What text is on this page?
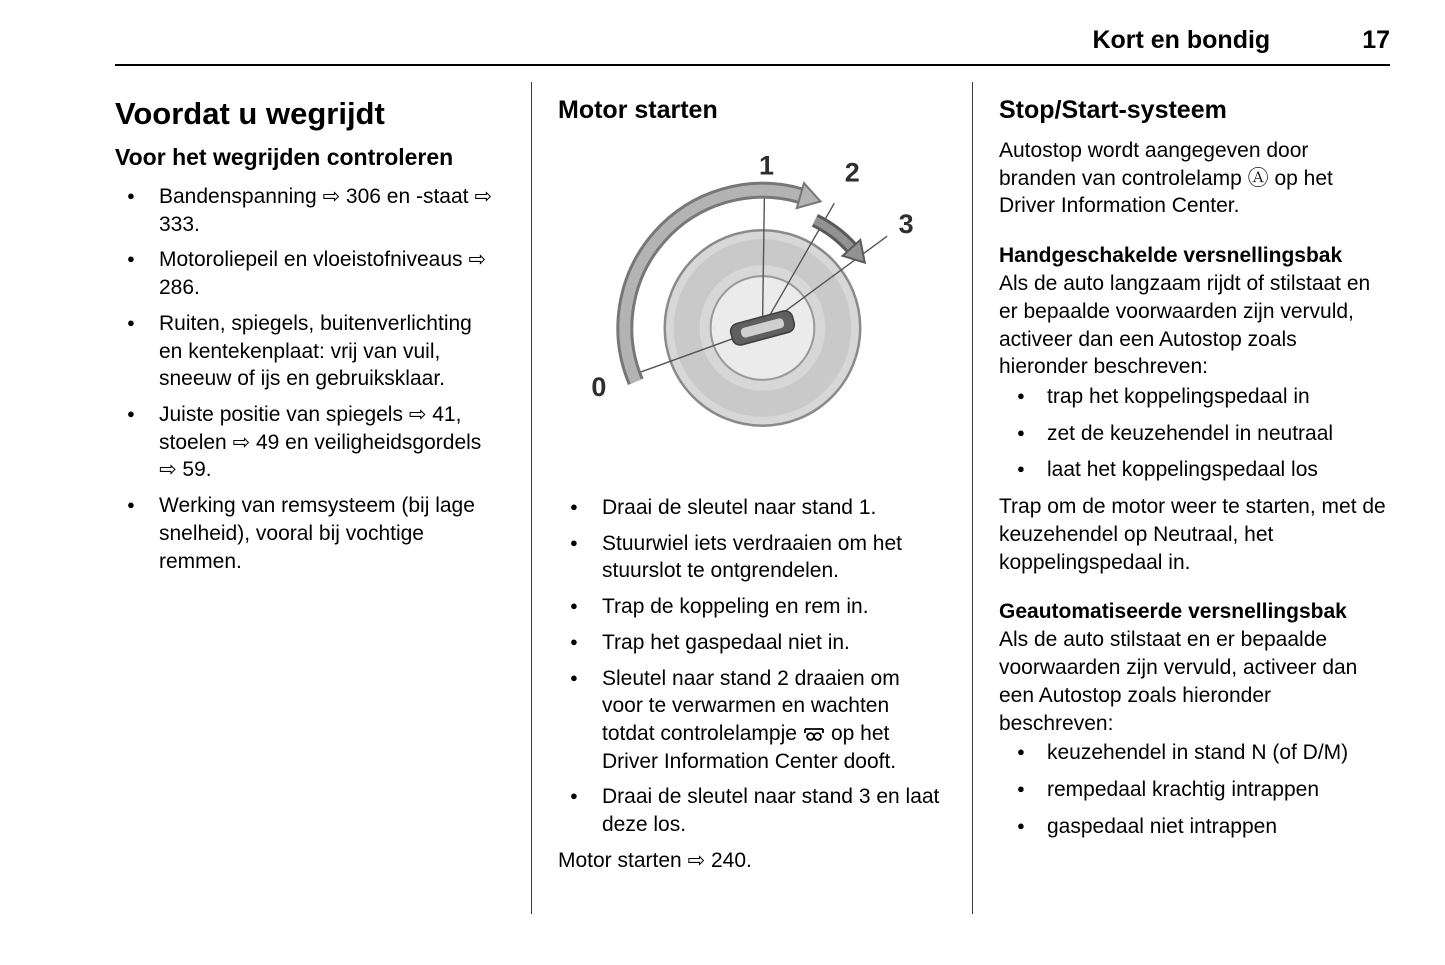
Kort en bondig	17
Voordat u wegrijdt
Voor het wegrijden controleren
● Bandenspanning ⇨ 306 en -staat ⇨ 333.
● Motoroliepeil en vloeistofniveaus ⇨ 286.
● Ruiten, spiegels, buitenverlichting en kentekenplaat: vrij van vuil, sneeuw of ijs en gebruiksklaar.
● Juiste positie van spiegels ⇨ 41, stoelen ⇨ 49 en veiligheidsgordels ⇨ 59.
● Werking van remsysteem (bij lage snelheid), vooral bij vochtige remmen.
Motor starten
0
1	2
3
● Draai de sleutel naar stand 1.
● Stuurwiel iets verdraaien om het stuurslot te ontgrendelen.
● Trap de koppeling en rem in.
● Trap het gaspedaal niet in.
● Sleutel naar stand 2 draaien om voor te verwarmen en wachten totdat controlelampje op het Driver Information Center dooft.
● Draai de sleutel naar stand 3 en laat deze los.

Motor starten ⇨ 240.

Stop/Start-systeem

Autostop wordt aangegeven door branden van controlelamp Ⓐ op het Driver Information Center.

Handgeschakelde versnellingsbak

Als de auto langzaam rijdt of stilstaat en er bepaalde voorwaarden zijn vervuld, activeer dan een Autostop zoals hieronder beschreven:

● trap het koppelingspedaal in
● zet de keuzehendel in neutraal
● laat het koppelingspedaal los

Trap om de motor weer te starten, met de keuzehendel op Neutraal, het koppelingspedaal in.

Geautomatiseerde versnellingsbak

Als de auto stilstaat en er bepaalde voorwaarden zijn vervuld, activeer dan een Autostop zoals hieronder beschreven:

● keuzehendel in stand N (of D/M)
● rempedaal krachtig intrappen
● gaspedaal niet intrappen
